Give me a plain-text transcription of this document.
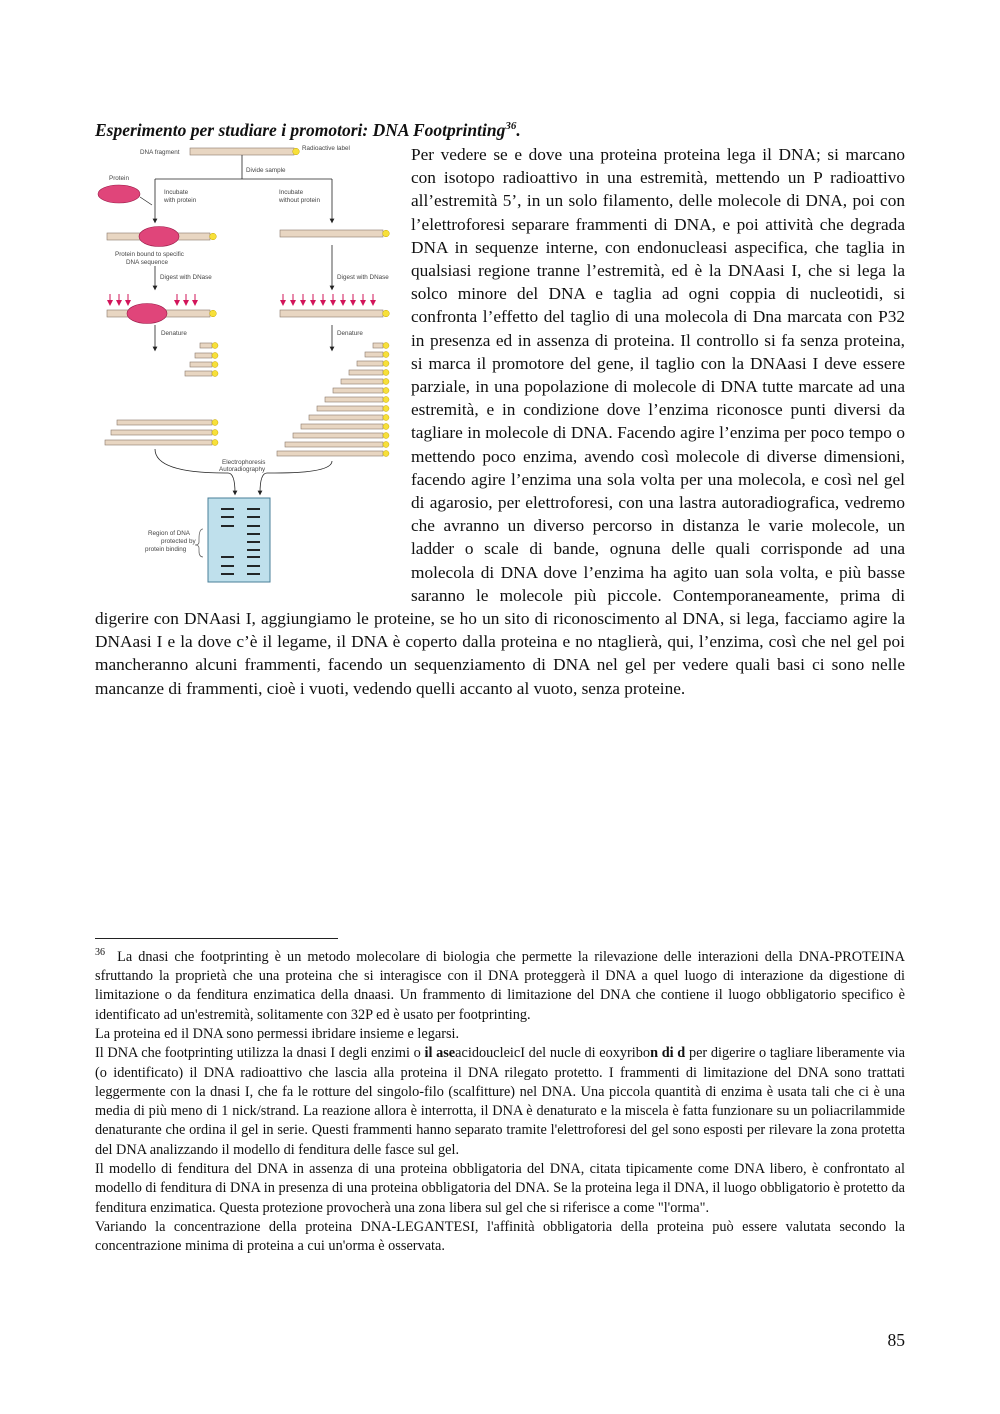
Esperimento per studiare i promotori: DNA Footprinting$^{36}$.
DNA fragment
Radioactive label
Divide sample
Protein
Incubate with protein
Incubate without protein
Protein bound to specific DNA sequence
Digest with DNase	Digest with DNase
Denature	Denature
Electrophoresis Autoradiography
Region of DNA protected by protein binding
Per vedere se e dove una proteina proteina lega il DNA; si marcano con isotopo radioattivo in una estremità, mettendo un P radioattivo all’estremità 5’, in un solo filamento, delle molecole di DNA, poi con l’elettroforesi separare frammenti di DNA, e poi attività che degrada DNA in sequenze interne, con endonucleasi aspecifica, che taglia in qualsiasi regione tranne l’estremità, ed è la DNAasi I, che si lega la solco minore del DNA e taglia ad ogni coppia di nucleotidi, si confronta l’effetto del taglio di una molecola di Dna marcata con P32 in presenza ed in assenza di proteina. Il controllo si fa senza proteina, si marca il promotore del gene, il taglio con la DNAasi I deve essere parziale, in una popolazione di molecole di DNA tutte marcate ad una estremità, e in condizione dove l’enzima riconosce punti diversi da tagliare in molecole di DNA. Facendo agire l’enzima per poco tempo o mettendo poco enzima, avendo così molecole di diverse dimensioni, facendo agire l’enzima una sola volta per una molecola, e così nel gel di agarosio, per elettroforesi, con una lastra autoradiografica, vedremo che avranno un diverso percorso in distanza le varie molecole, un ladder o scale di bande, ognuna delle quali corrisponde ad una molecola di DNA dove l’enzima ha agito uan sola volta, e più basse saranno le molecole più piccole. Contemporaneamente, prima di digerire con DNAasi I, aggiungiamo le proteine, se ho un sito di riconoscimento al DNA, si lega, facciamo agire la DNAasi I e la dove c’è il legame, il DNA è coperto dalla proteina e no ntaglierà, qui, l’enzima, così che nel gel poi mancheranno alcuni frammenti, facendo un sequenziamento di DNA nel gel per vedere quali basi ci sono nelle mancanze di frammenti, cioè i vuoti, vedendo quelli accanto al vuoto, senza proteine.

$^{36}$ La dnasi che footprinting è un metodo molecolare di biologia che permette la rilevazione delle interazioni della DNA-PROTEINA sfruttando la proprietà che una proteina che si interagisce con il DNA proteggerà il DNA a quel luogo di interazione da digestione di limitazione o da fenditura enzimatica della dnaasi. Un frammento di limitazione del DNA che contiene il luogo obbligatorio specifico è identificato ad un'estremità, solitamente con 32P ed è usato per footprinting.

La proteina ed il DNA sono permessi ibridare insieme e legarsi.

Il DNA che footprinting utilizza la dnasi I degli enzimi o il aseacidoucleicI del nucle di eoxyribon di d per digerire o tagliare liberamente via (o identificato) il DNA radioattivo che lascia alla proteina il DNA rilegato protetto. I frammenti di limitazione del DNA sono trattati leggermente con la dnasi I, che fa le rotture del singolo-filo (scalfitture) nel DNA. Una piccola quantità di enzima è usata tali che ci è una media di più meno di 1 nick/strand. La reazione allora è interrotta, il DNA è denaturato e la miscela è fatta funzionare su un poliacrilammide denaturante che ordina il gel in serie. Questi frammenti hanno separato tramite l'elettroforesi del gel sono esposti per rilevare la zona protetta del DNA analizzando il modello di fenditura delle fasce sul gel.

Il modello di fenditura del DNA in assenza di una proteina obbligatoria del DNA, citata tipicamente come DNA libero, è confrontato al modello di fenditura di DNA in presenza di una proteina obbligatoria del DNA. Se la proteina lega il DNA, il luogo obbligatorio è protetto da fenditura enzimatica. Questa protezione provocherà una zona libera sul gel che si riferisce a come "l'orma".

Variando la concentrazione della proteina DNA-LEGANTESI, l'affinità obbligatoria della proteina può essere valutata secondo la concentrazione minima di proteina a cui un'orma è osservata.

85
